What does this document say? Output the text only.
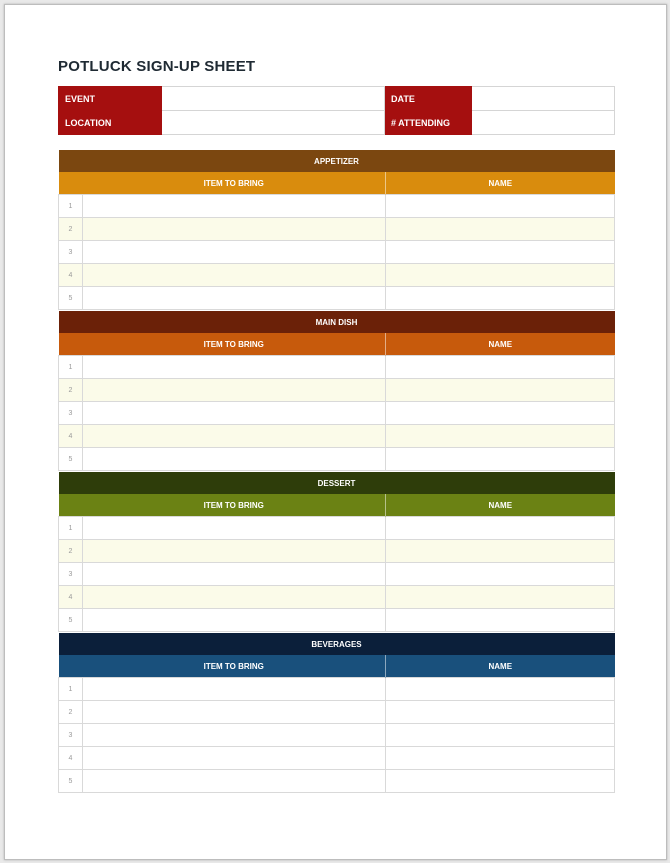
POTLUCK SIGN-UP SHEET
EVENT		DATE	
LOCATION		# ATTENDING	
APPETIZER		
	ITEM TO BRING	NAME
1		
2		
3		
4		
5		
MAIN DISH		
	ITEM TO BRING	NAME
1		
2		
3		
4		
5		
DESSERT		
	ITEM TO BRING	NAME
1		
2		
3		
4		
5		
BEVERAGES		
	ITEM TO BRING	NAME
1		
2		
3		
4		
5		
